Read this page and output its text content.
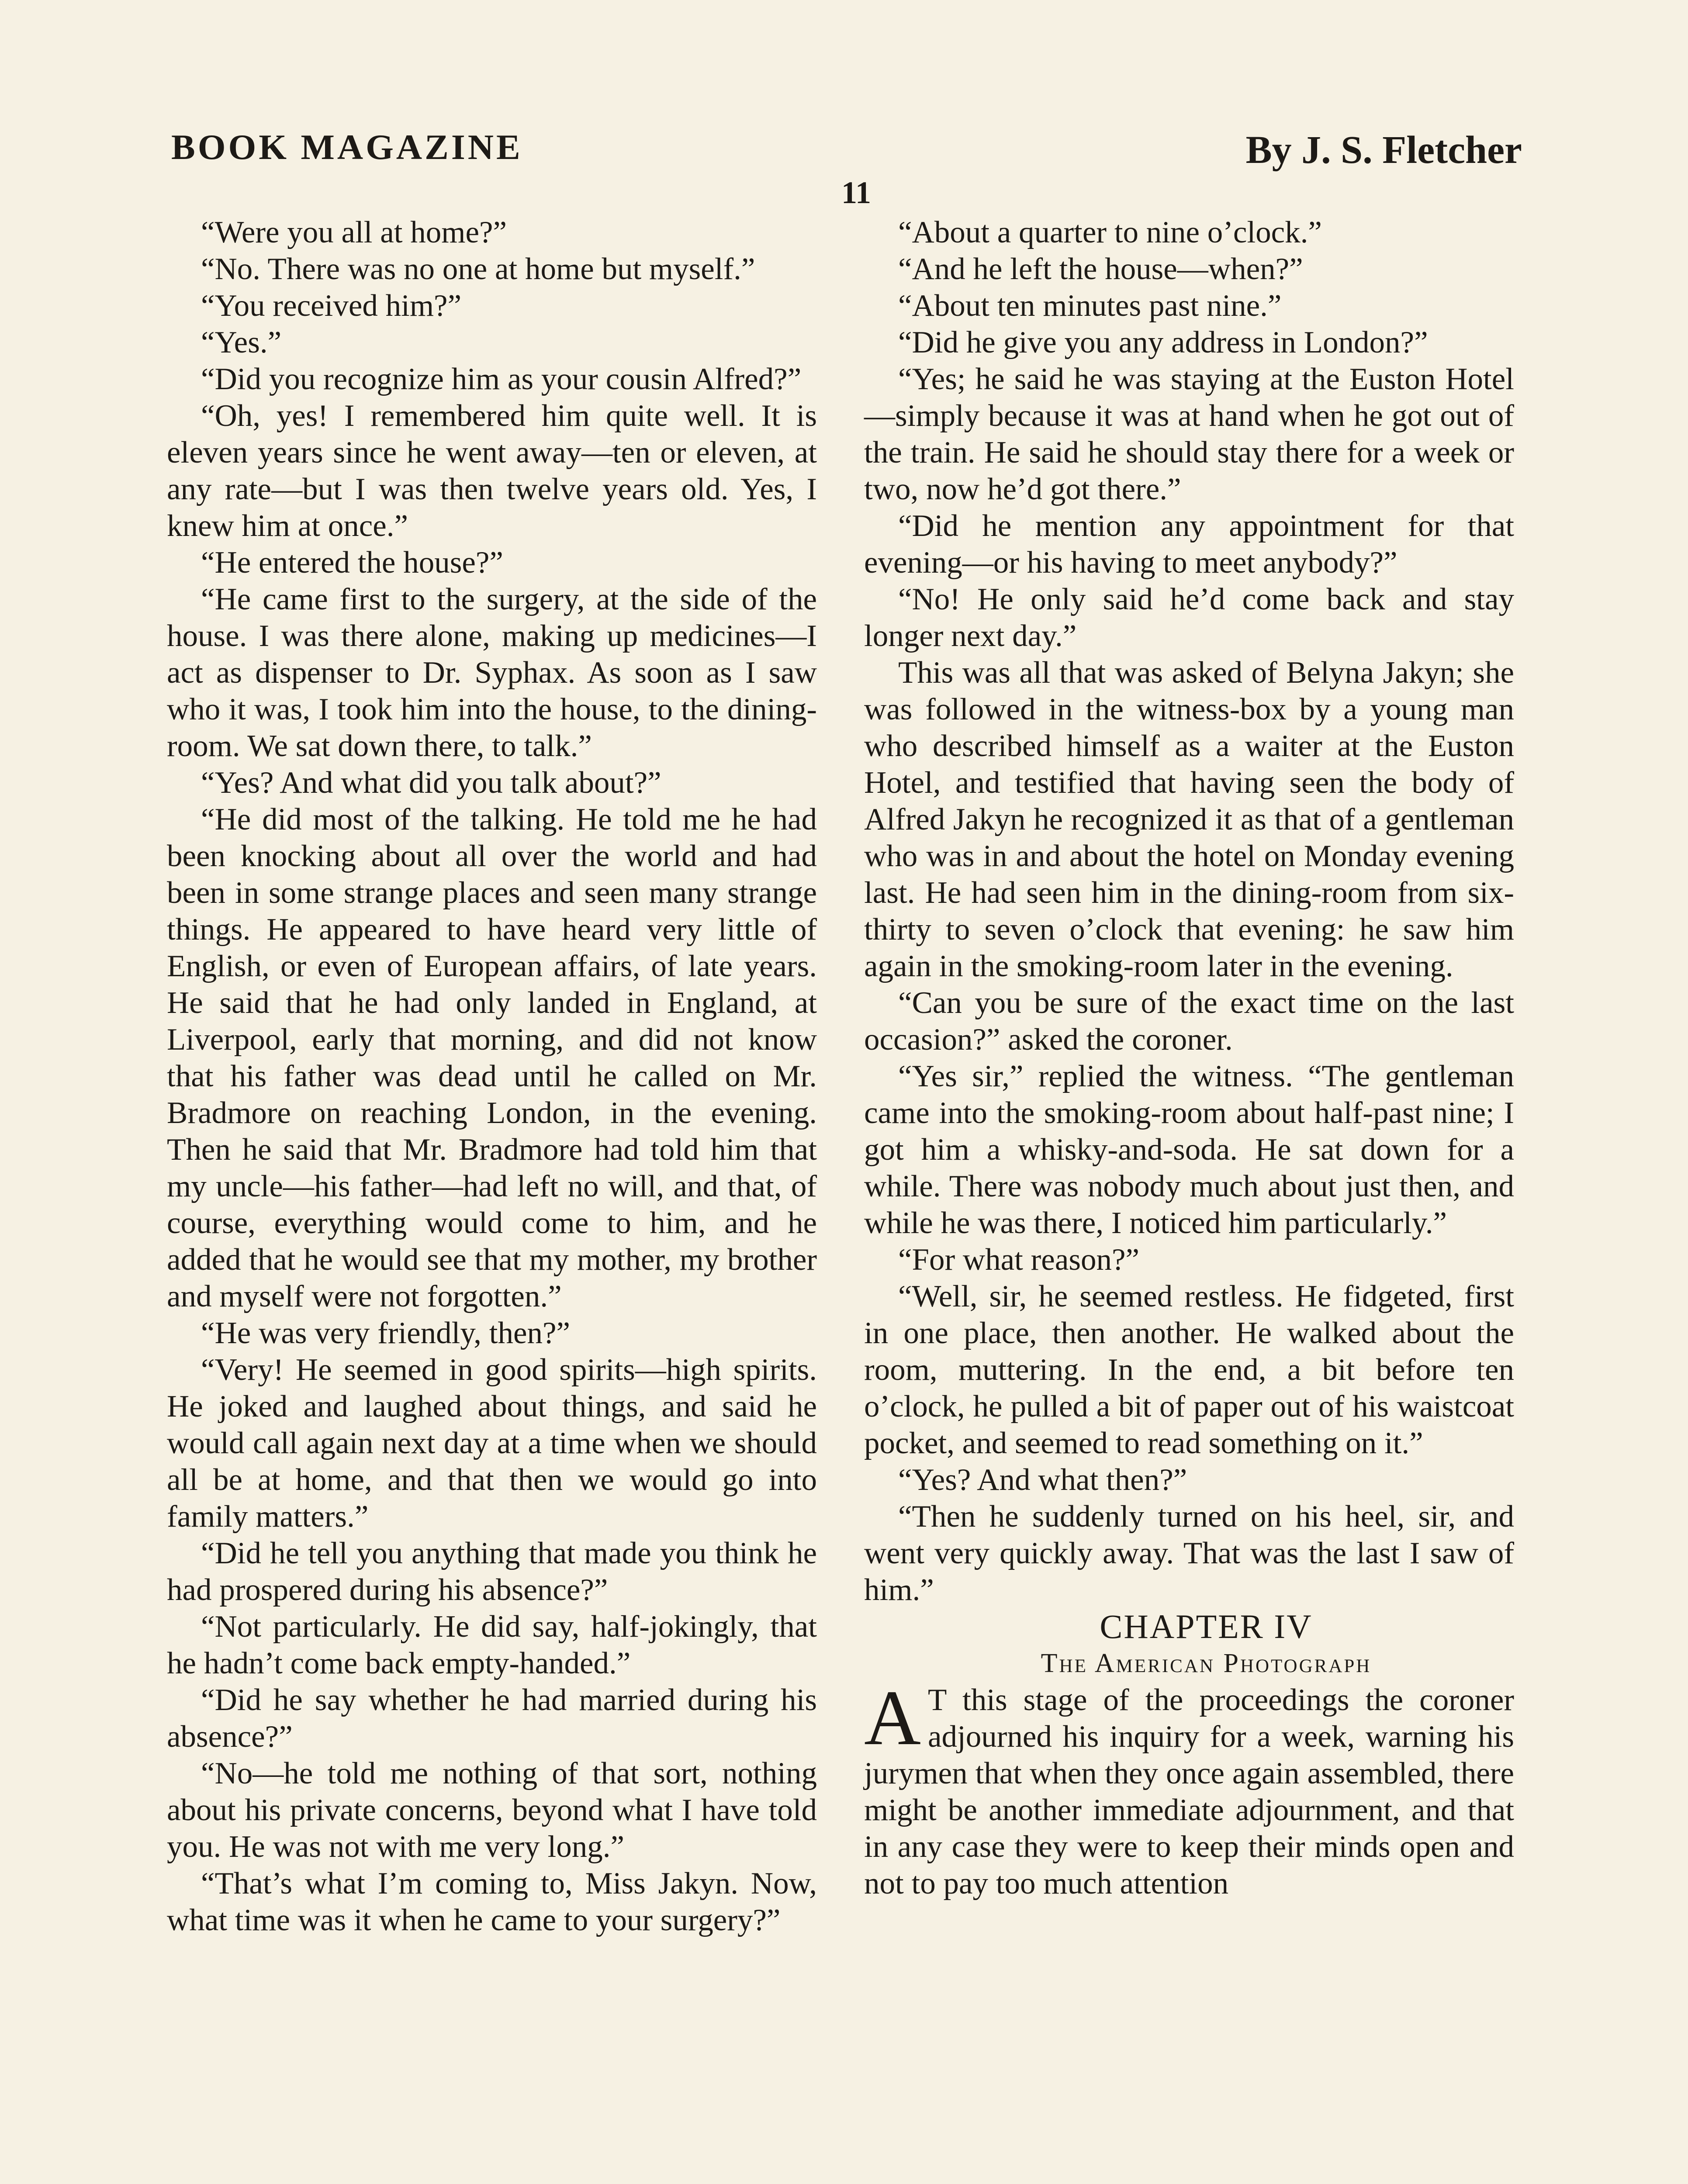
BOOK MAGAZINE	By J. S. Fletcher
11

“Were you all at home?”

“No. There was no one at home but myself.”

“You received him?”

“Yes.”

“Did you recognize him as your cousin Alfred?”

“Oh, yes! I remembered him quite well. It is eleven years since he went away—ten or eleven, at any rate—but I was then twelve years old. Yes, I knew him at once.”

“He entered the house?”

“He came first to the surgery, at the side of the house. I was there alone, making up medicines—I act as dispenser to Dr. Syphax. As soon as I saw who it was, I took him into the house, to the dining-room. We sat down there, to talk.”

“Yes? And what did you talk about?”

“He did most of the talking. He told me he had been knocking about all over the world and had been in some strange places and seen many strange things. He appeared to have heard very little of English, or even of European affairs, of late years. He said that he had only landed in England, at Liverpool, early that morning, and did not know that his father was dead until he called on Mr. Bradmore on reaching London, in the evening. Then he said that Mr. Bradmore had told him that my uncle—his father—had left no will, and that, of course, everything would come to him, and he added that he would see that my mother, my brother and myself were not forgotten.”

“He was very friendly, then?”

“Very! He seemed in good spirits—high spirits. He joked and laughed about things, and said he would call again next day at a time when we should all be at home, and that then we would go into family matters.”

“Did he tell you anything that made you think he had prospered during his absence?”

“Not particularly. He did say, half-jokingly, that he hadn’t come back empty-handed.”

“Did he say whether he had married during his absence?”

“No—he told me nothing of that sort, nothing about his private concerns, beyond what I have told you. He was not with me very long.”

“That’s what I’m coming to, Miss Jakyn. Now, what time was it when he came to your surgery?”

“About a quarter to nine o’clock.”

“And he left the house—when?”

“About ten minutes past nine.”

“Did he give you any address in London?”

“Yes; he said he was staying at the Euston Hotel—simply because it was at hand when he got out of the train. He said he should stay there for a week or two, now he’d got there.”

“Did he mention any appointment for that evening—or his having to meet anybody?”

“No! He only said he’d come back and stay longer next day.”

This was all that was asked of Belyna Jakyn; she was followed in the witness-box by a young man who described himself as a waiter at the Euston Hotel, and testified that having seen the body of Alfred Jakyn he recognized it as that of a gentleman who was in and about the hotel on Monday evening last. He had seen him in the dining-room from six-thirty to seven o’clock that evening: he saw him again in the smoking-room later in the evening.

“Can you be sure of the exact time on the last occasion?” asked the coroner.

“Yes sir,” replied the witness. “The gentleman came into the smoking-room about half-past nine; I got him a whisky-and-soda. He sat down for a while. There was nobody much about just then, and while he was there, I noticed him particularly.”

“For what reason?”

“Well, sir, he seemed restless. He fidgeted, first in one place, then another. He walked about the room, muttering. In the end, a bit before ten o’clock, he pulled a bit of paper out of his waistcoat pocket, and seemed to read something on it.”

“Yes? And what then?”

“Then he suddenly turned on his heel, sir, and went very quickly away. That was the last I saw of him.”

CHAPTER IV

The American Photograph

A T this stage of the proceedings the coroner adjourned his inquiry for a week, warning his jurymen that when they once again assembled, there might be another immediate adjournment, and that in any case they were to keep their minds open and not to pay too much attention
